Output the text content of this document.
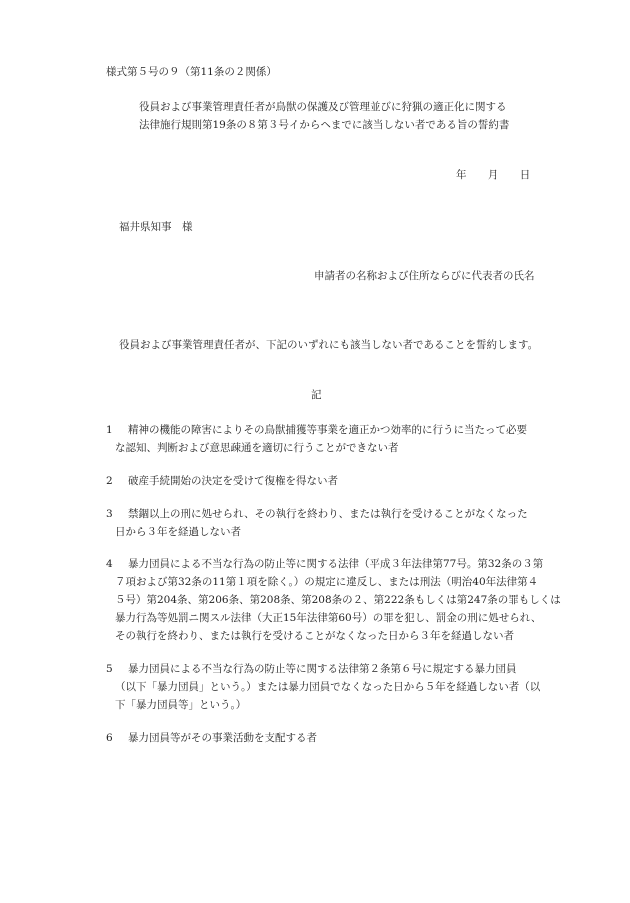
様式第５号の９（第11条の２関係）
役員および事業管理責任者が鳥獣の保護及び管理並びに狩猟の適正化に関する
法律施行規則第19条の８第３号イからヘまでに該当しない者である旨の誓約書
年 月 日
福井県知事　様
申請者の名称および住所ならびに代表者の氏名
役員および事業管理責任者が、下記のいずれにも該当しない者であることを誓約します。
記
1 精神の機能の障害によりその鳥獣捕獲等事業を適正かつ効率的に行うに当たって必要
な認知、判断および意思疎通を適切に行うことができない者
2 破産手続開始の決定を受けて復権を得ない者
3 禁錮以上の刑に処せられ、その執行を終わり、または執行を受けることがなくなった
日から３年を経過しない者
4 暴力団員による不当な行為の防止等に関する法律（平成３年法律第77号。第32条の３第
７項および第32条の11第１項を除く。）の規定に違反し、または刑法（明治40年法律第４
５号）第204条、第206条、第208条、第208条の２、第222条もしくは第247条の罪もしくは
暴力行為等処罰ニ関スル法律（大正15年法律第60号）の罪を犯し、罰金の刑に処せられ、
その執行を終わり、または執行を受けることがなくなった日から３年を経過しない者
5 暴力団員による不当な行為の防止等に関する法律第２条第６号に規定する暴力団員
（以下「暴力団員」という。）または暴力団員でなくなった日から５年を経過しない者（以
下「暴力団員等」という。）
6 暴力団員等がその事業活動を支配する者
